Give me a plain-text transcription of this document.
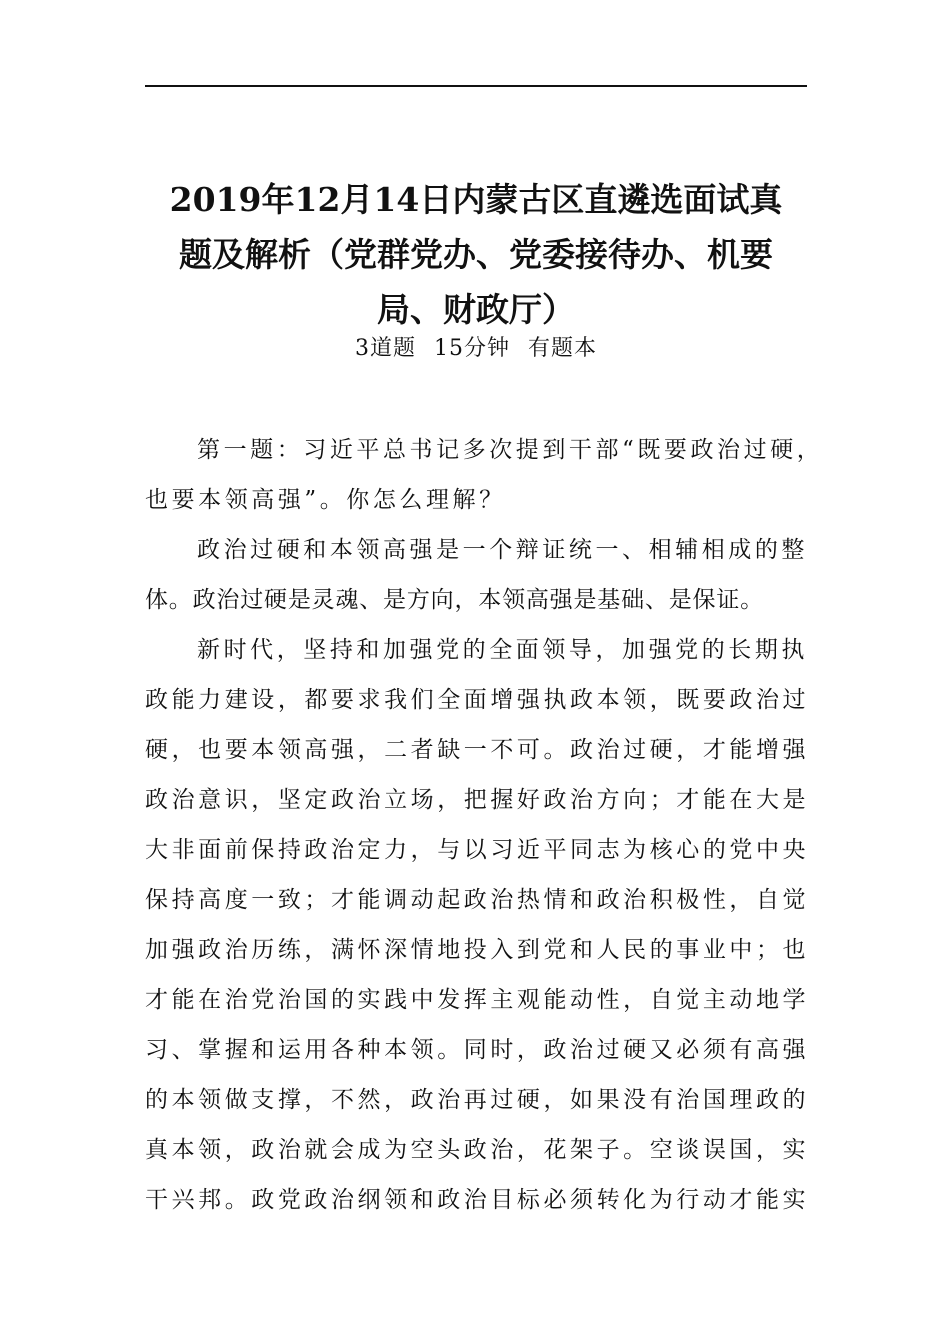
2019年12月14日内蒙古区直遴选面试真
题及解析（党群党办、党委接待办、机要
局、财政厅）
3道题 15分钟 有题本
第一题：习近平总书记多次提到干部“既要政治过硬，
也要本领高强”。你怎么理解？
政治过硬和本领高强是一个辩证统一、相辅相成的整
体。政治过硬是灵魂、是方向，本领高强是基础、是保证。
新时代，坚持和加强党的全面领导，加强党的长期执
政能力建设，都要求我们全面增强执政本领，既要政治过
硬，也要本领高强，二者缺一不可。政治过硬，才能增强
政治意识，坚定政治立场，把握好政治方向；才能在大是
大非面前保持政治定力，与以习近平同志为核心的党中央
保持高度一致；才能调动起政治热情和政治积极性，自觉
加强政治历练，满怀深情地投入到党和人民的事业中；也
才能在治党治国的实践中发挥主观能动性，自觉主动地学
习、掌握和运用各种本领。同时，政治过硬又必须有高强
的本领做支撑，不然，政治再过硬，如果没有治国理政的
真本领，政治就会成为空头政治，花架子。空谈误国，实
干兴邦。政党政治纲领和政治目标必须转化为行动才能实
